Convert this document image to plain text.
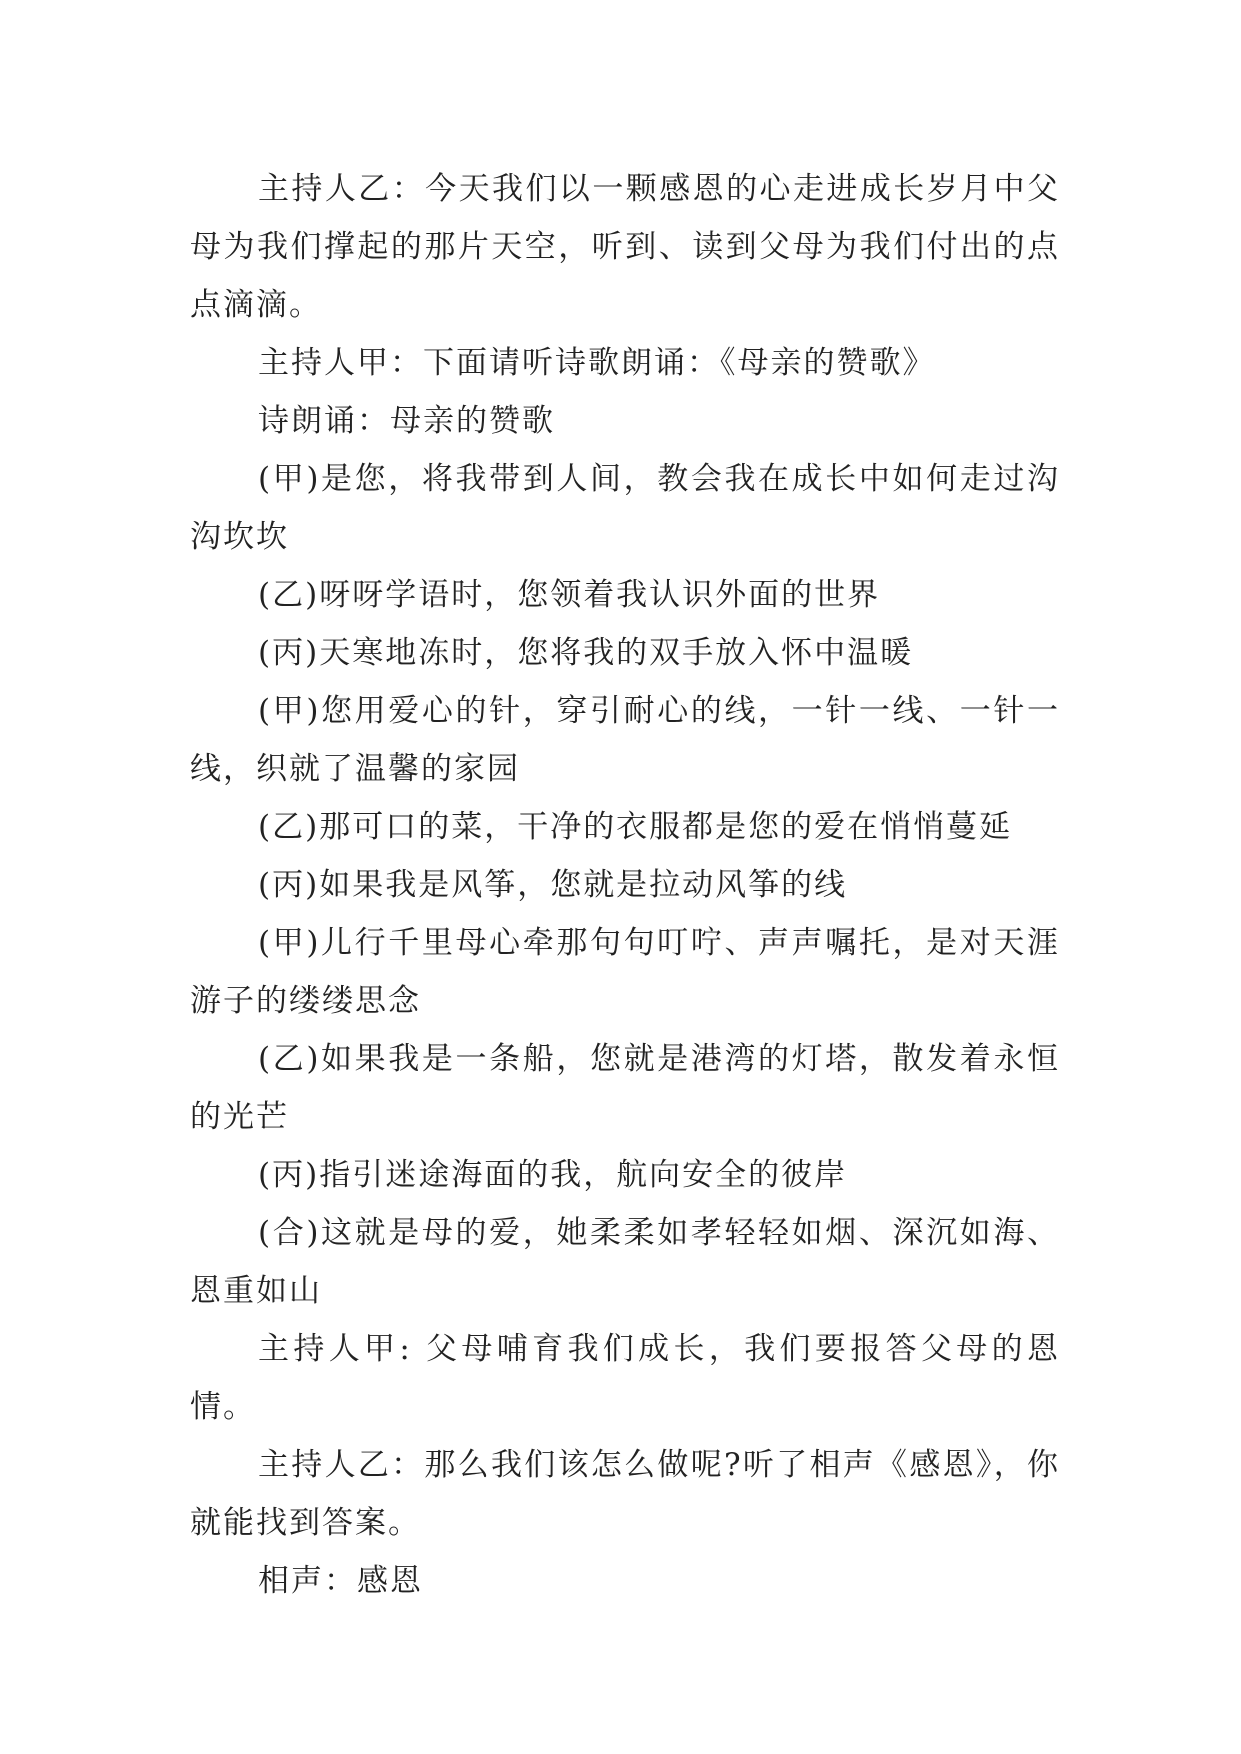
主持人乙：今天我们以一颗感恩的心走进成长岁月中父母为我们撑起的那片天空，听到、读到父母为我们付出的点点滴滴。

主持人甲：下面请听诗歌朗诵：《母亲的赞歌》

诗朗诵：母亲的赞歌

(甲)是您，将我带到人间，教会我在成长中如何走过沟沟坎坎

(乙)呀呀学语时，您领着我认识外面的世界

(丙)天寒地冻时，您将我的双手放入怀中温暖

(甲)您用爱心的针，穿引耐心的线，一针一线、一针一线，织就了温馨的家园

(乙)那可口的菜，干净的衣服都是您的爱在悄悄蔓延

(丙)如果我是风筝，您就是拉动风筝的线

(甲)儿行千里母心牵那句句叮咛、声声嘱托，是对天涯游子的缕缕思念

(乙)如果我是一条船，您就是港湾的灯塔，散发着永恒的光芒

(丙)指引迷途海面的我，航向安全的彼岸

(合)这就是母的爱，她柔柔如孝轻轻如烟、深沉如海、恩重如山

主持人甲: 父母哺育我们成长，我们要报答父母的恩情。

主持人乙：那么我们该怎么做呢?听了相声《感恩》，你就能找到答案。

相声：感恩
